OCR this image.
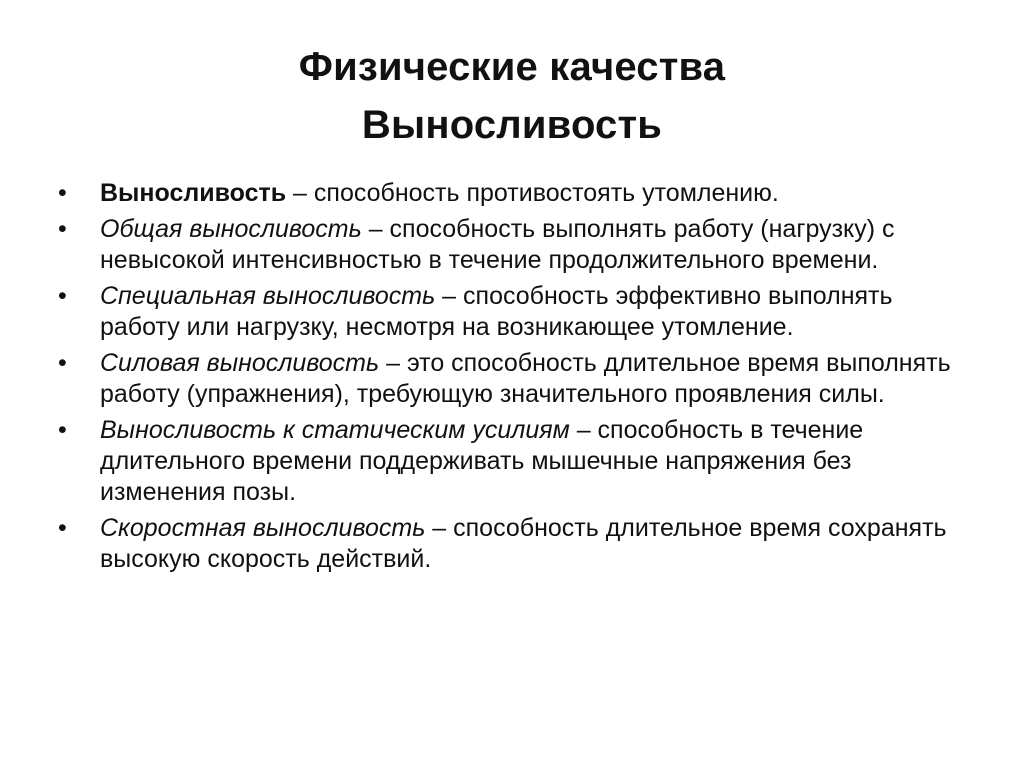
Физические качества
Выносливость
•	Выносливость – способность противостоять утомлению.
•	Общая выносливость – способность выполнять работу (нагрузку) с невысокой интенсивностью в течение продолжительного времени.
•	Специальная выносливость – способность эффективно выполнять работу или нагрузку, несмотря на возникающее утомление.
•	Силовая выносливость – это способность длительное время выполнять работу (упражнения), требующую значительного проявления силы.
•	Выносливость к статическим усилиям – способность в течение длительного времени поддерживать мышечные напряжения без изменения позы.
•	Скоростная выносливость – способность длительное время сохранять высокую скорость действий.
